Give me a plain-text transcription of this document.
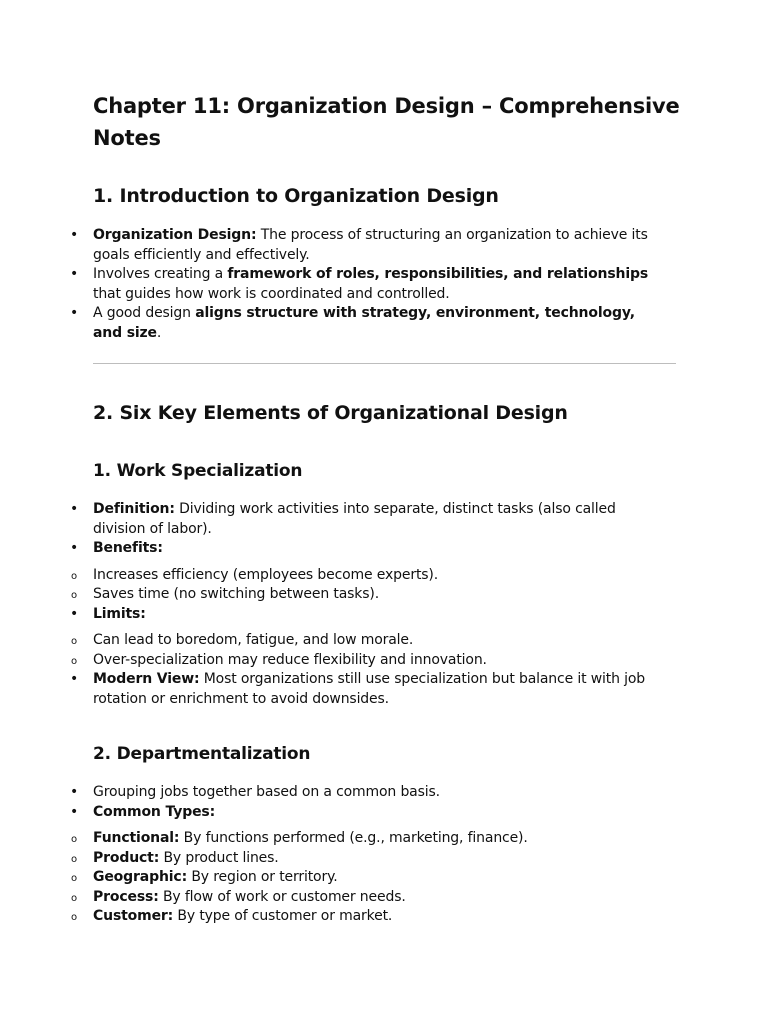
Chapter 11: Organization Design – Comprehensive Notes
1. Introduction to Organization Design
• Organization Design: The process of structuring an organization to achieve its goals efficiently and effectively.
• Involves creating a framework of roles, responsibilities, and relationships that guides how work is coordinated and controlled.
• A good design aligns structure with strategy, environment, technology, and size.
2. Six Key Elements of Organizational Design
1. Work Specialization
• Definition: Dividing work activities into separate, distinct tasks (also called division of labor).
• Benefits:
o Increases efficiency (employees become experts).
o Saves time (no switching between tasks).
• Limits:
o Can lead to boredom, fatigue, and low morale.
o Over-specialization may reduce flexibility and innovation.
• Modern View: Most organizations still use specialization but balance it with job rotation or enrichment to avoid downsides.
2. Departmentalization
• Grouping jobs together based on a common basis.
• Common Types:
o Functional: By functions performed (e.g., marketing, finance).
o Product: By product lines.
o Geographic: By region or territory.
o Process: By flow of work or customer needs.
o Customer: By type of customer or market.
